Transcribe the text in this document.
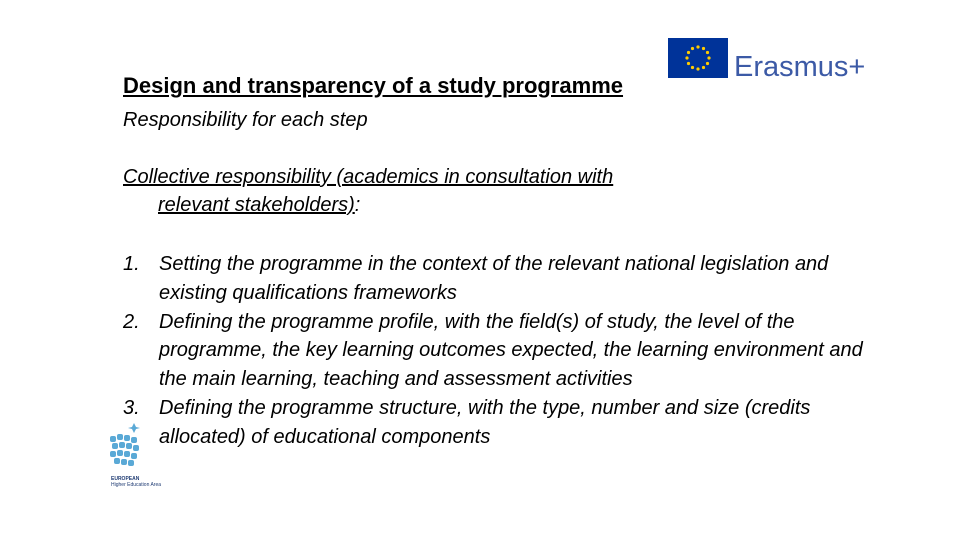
Design and transparency of a study programme
Responsibility for each step
Collective responsibility (academics in consultation with
relevant stakeholders):
1. Setting the programme in the context of the relevant national legislation and existing qualifications frameworks
2. Defining the programme profile, with the field(s) of study, the level of the programme, the key learning outcomes expected, the learning environment and the main learning, teaching and assessment activities
3. Defining the programme structure, with the type, number and size (credits allocated) of educational components
Erasmus+
EUROPEAN
Higher Education Area
